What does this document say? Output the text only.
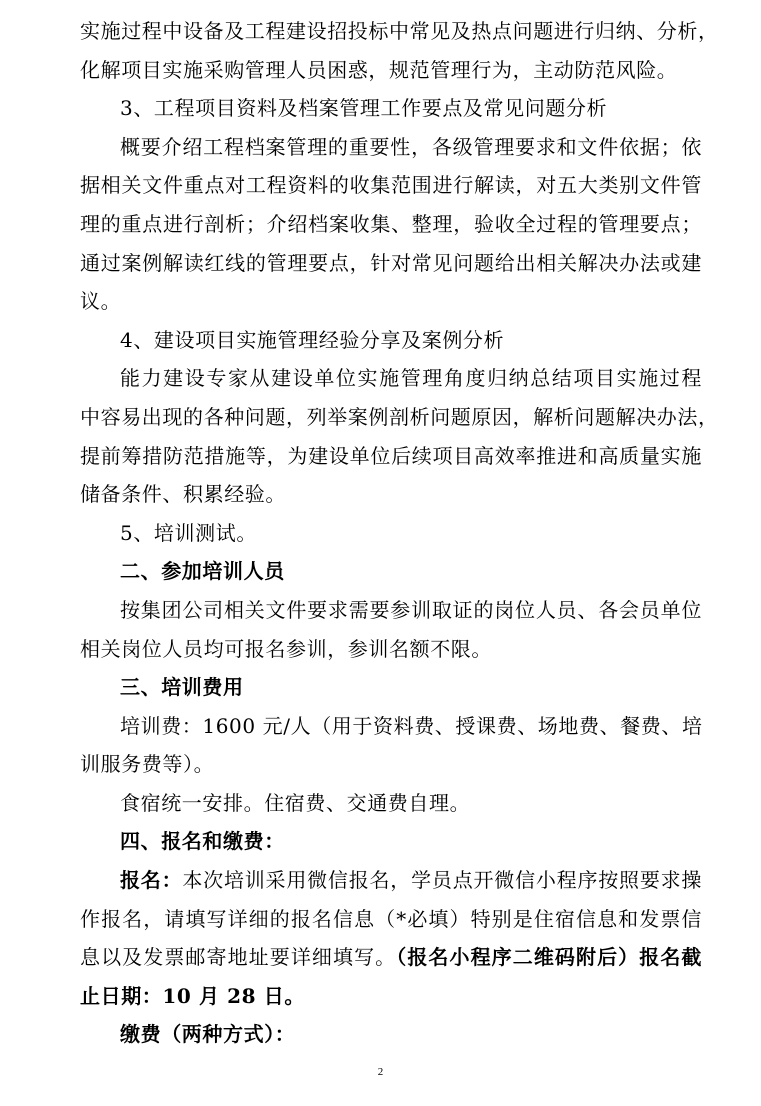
实施过程中设备及工程建设招投标中常见及热点问题进行归纳、分析，
化解项目实施采购管理人员困惑，规范管理行为，主动防范风险。
3、工程项目资料及档案管理工作要点及常见问题分析
概要介绍工程档案管理的重要性，各级管理要求和文件依据；依
据相关文件重点对工程资料的收集范围进行解读，对五大类别文件管
理的重点进行剖析；介绍档案收集、整理，验收全过程的管理要点；
通过案例解读红线的管理要点，针对常见问题给出相关解决办法或建
议。
4、建设项目实施管理经验分享及案例分析
能力建设专家从建设单位实施管理角度归纳总结项目实施过程
中容易出现的各种问题，列举案例剖析问题原因，解析问题解决办法，
提前筹措防范措施等，为建设单位后续项目高效率推进和高质量实施
储备条件、积累经验。
5、培训测试。
二、参加培训人员
按集团公司相关文件要求需要参训取证的岗位人员、各会员单位
相关岗位人员均可报名参训，参训名额不限。
三、培训费用
培训费：1600 元/人（用于资料费、授课费、场地费、餐费、培
训服务费等）。
食宿统一安排。住宿费、交通费自理。
四、报名和缴费：
报名：本次培训采用微信报名，学员点开微信小程序按照要求操
作报名，请填写详细的报名信息（*必填）特别是住宿信息和发票信
息以及发票邮寄地址要详细填写。（报名小程序二维码附后）报名截
止日期：10 月 28 日。
缴费（两种方式）：
2
